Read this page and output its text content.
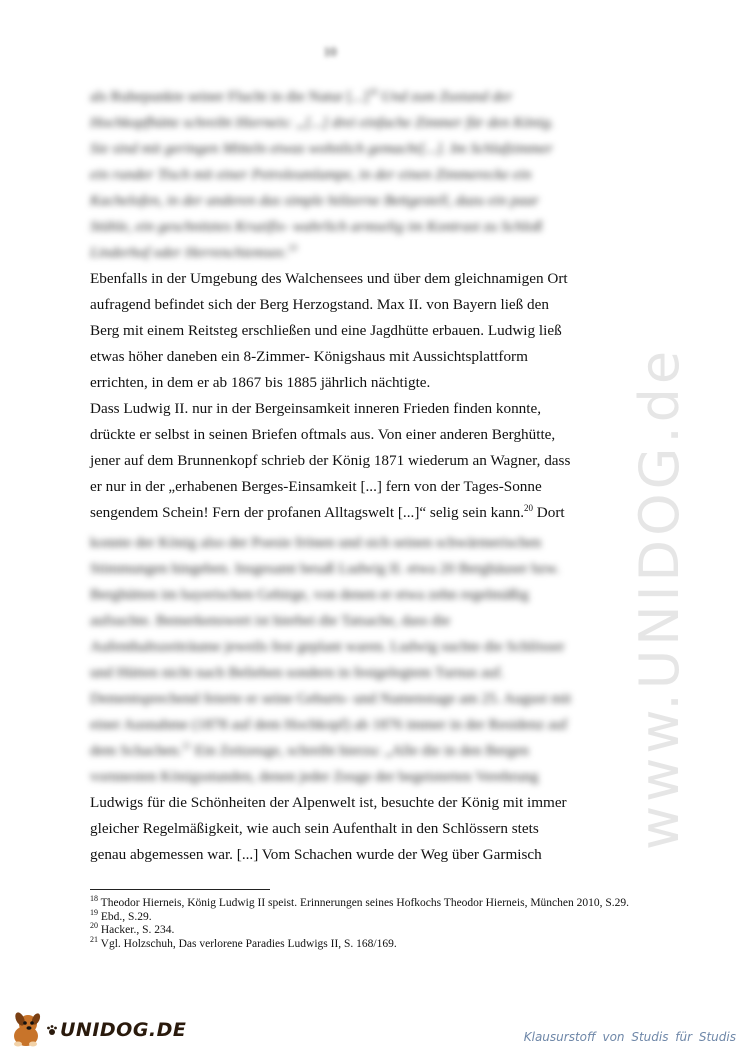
10
als Ruhepunkte seiner Flucht in die Natur [...]$^{18}$ Und zum Zustand der
Hochkopfhütte schreibt Hierneis: „[...] drei einfache Zimmer für den König.
Sie sind mit geringen Mitteln etwas wohnlich gemacht[...]. Im Schlafzimmer
ein runder Tisch mit einer Petroleumlampe, in der einen Zimmerecke ein
Kachelofen, in der anderen das simple hölzerne Bettgestell, dazu ein paar
Stühle, ein geschnitztes Kruzifix- wahrlich armselig im Kontrast zu Schloß
Linderhof oder Herrenchiemsee.$^{19}$
Ebenfalls in der Umgebung des Walchensees und über dem gleichnamigen Ort
aufragend befindet sich der Berg Herzogstand. Max II. von Bayern ließ den
Berg mit einem Reitsteg erschließen und eine Jagdhütte erbauen. Ludwig ließ
etwas höher daneben ein 8-Zimmer- Königshaus mit Aussichtsplattform
errichten, in dem er ab 1867 bis 1885 jährlich nächtigte.
Dass Ludwig II. nur in der Bergeinsamkeit inneren Frieden finden konnte,
drückte er selbst in seinen Briefen oftmals aus. Von einer anderen Berghütte,
jener auf dem Brunnenkopf schrieb der König 1871 wiederum an Wagner, dass
er nur in der „erhabenen Berges-Einsamkeit [...] fern von der Tages-Sonne
sengendem Schein! Fern der profanen Alltagswelt [...]“ selig sein kann.$^{20}$ Dort
konnte der König also der Poesie frönen und sich seinen schwärmerischen
Stimmungen hingeben. Insgesamt besaß Ludwig II. etwa 20 Berghäuser bzw.
Berghütten im bayerischen Gebirge, von denen er etwa zehn regelmäßig
aufsuchte. Bemerkenswert ist hierbei die Tatsache, dass die
Aufenthaltszeiträume jeweils fest geplant waren. Ludwig suchte die Schlösser
und Hütten nicht nach Belieben sondern in festgelegtem Turnus auf.
Dementsprechend feierte er seine Geburts- und Namenstage am 25. August mit
einer Ausnahme (1878 auf dem Hochkopf) ab 1876 immer in der Residenz auf
dem Schachen.$^{21}$ Ein Zeitzeuge, schreibt hierzu: „Alle die in den Bergen
vornnesten Königsstunden, denen jeder Zeuge der begeisterten Verehrung
Ludwigs für die Schönheiten der Alpenwelt ist, besuchte der König mit immer
gleicher Regelmäßigkeit, wie auch sein Aufenthalt in den Schlössern stets
genau abgemessen war. [...] Vom Schachen wurde der Weg über Garmisch
$^{18}$ Theodor Hierneis, König Ludwig II speist. Erinnerungen seines Hofkochs Theodor Hierneis, München 2010, S.29.
$^{19}$ Ebd., S.29.
$^{20}$ Hacker., S. 234.
$^{21}$ Vgl. Holzschuh, Das verlorene Paradies Ludwigs II, S. 168/169.
www.UNIDOG.de
UNIDOG.DE	Klausurstoff von Studis für Studis
